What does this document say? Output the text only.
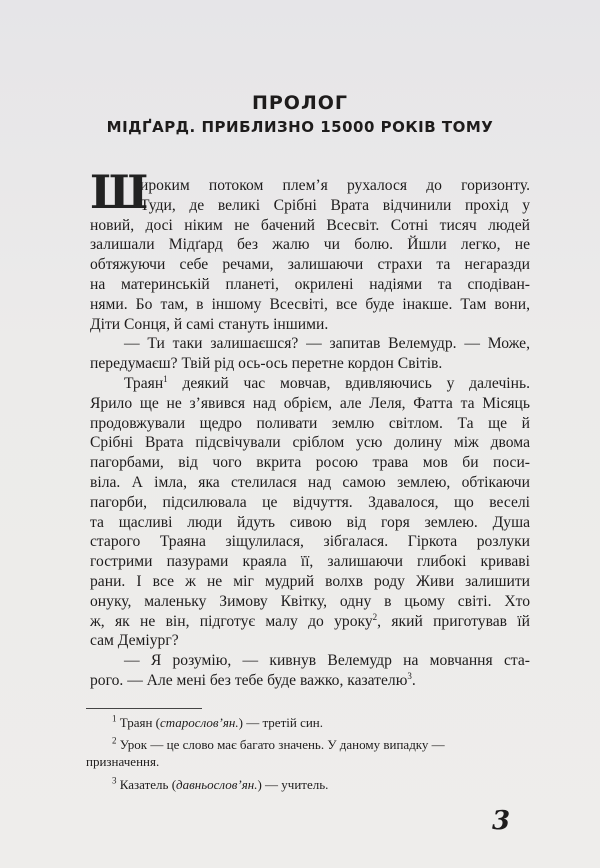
ПРОЛОГ
МІДҐАРД. ПРИБЛИЗНО 15000 РОКІВ ТОМУ
Ш
ироким потоком плем’я рухалося до горизонту.
Туди, де великі Срібні Врата відчинили прохід у
новий, досі ніким не бачений Всесвіт. Сотні тисяч людей
залишали Мідґард без жалю чи болю. Йшли легко, не
обтяжуючи себе речами, залишаючи страхи та негаразди
на материнській планеті, окрилені надіями та сподіван-
нями. Бо там, в іншому Всесвіті, все буде інакше. Там вони,
Діти Сонця, й самі стануть іншими.
— Ти таки залишаєшся? — запитав Велемудр. — Може,
передумаєш? Твій рід ось-ось перетне кордон Світів.
Траян$^1$ деякий час мовчав, вдивляючись у далечінь.
Ярило ще не з’явився над обрієм, але Леля, Фатта та Місяць
продовжували щедро поливати землю світлом. Та ще й
Срібні Врата підсвічували сріблом усю долину між двома
пагорбами, від чого вкрита росою трава мов би поси-
віла. А імла, яка стелилася над самою землею, обтікаючи
пагорби, підсилювала це відчуття. Здавалося, що веселі
та щасливі люди йдуть сивою від горя землею. Душа
старого Траяна зіщулилася, зібгалася. Гіркота розлуки
гострими пазурами краяла її, залишаючи глибокі криваві
рани. І все ж не міг мудрий волхв роду Живи залишити
онуку, маленьку Зимову Квітку, одну в цьому світі. Хто
ж, як не він, підготує малу до уроку$^2$, який приготував їй
сам Деміург?
— Я розумію, — кивнув Велемудр на мовчання ста-
рого. — Але мені без тебе буде важко, казателю$^3$.
$^1$ Траян (старослов’ян.) — третій син.
$^2$ Урок — це слово має багато значень. У даному випадку —
призначення.
$^3$ Казатель (давньослов’ян.) — учитель.
3
